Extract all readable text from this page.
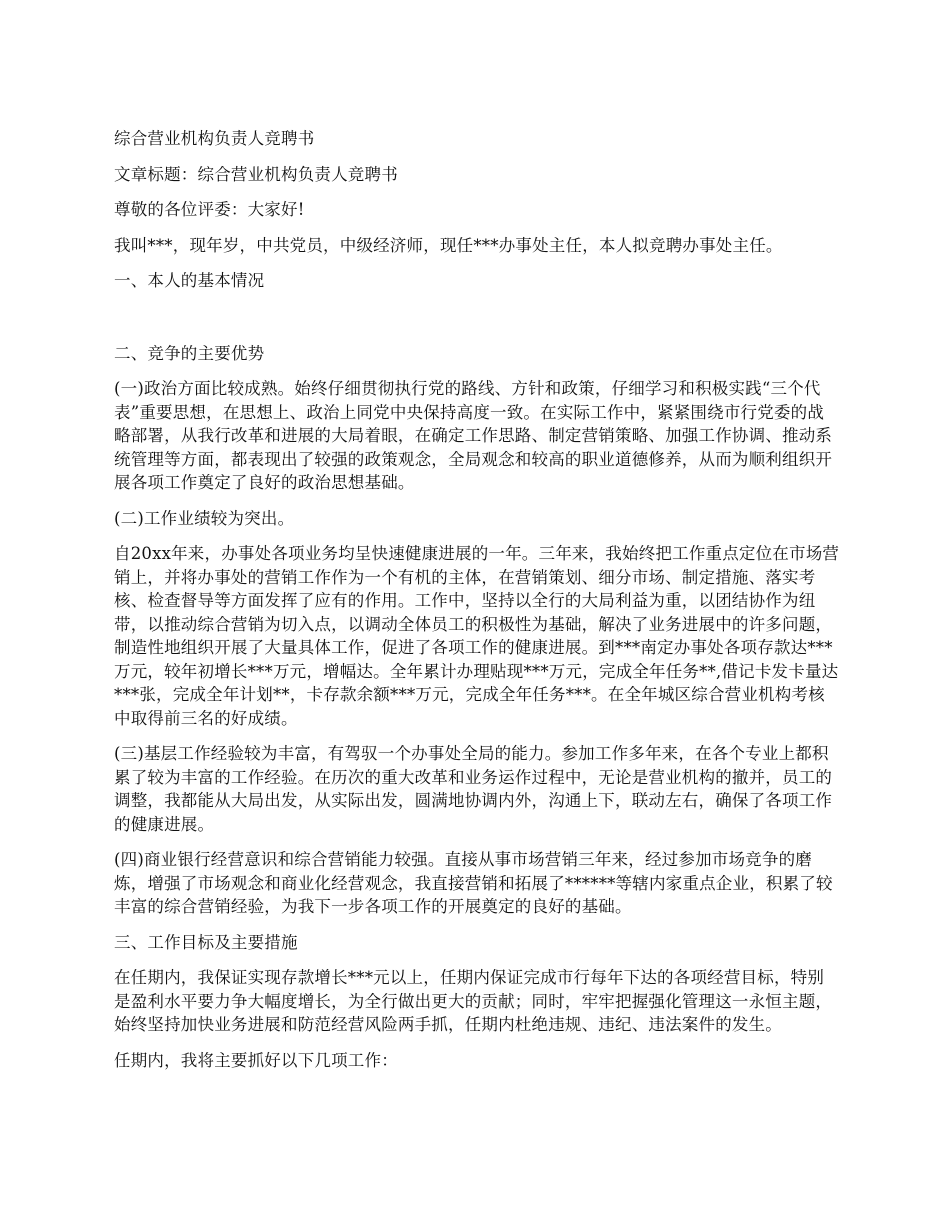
综合营业机构负责人竞聘书

文章标题：综合营业机构负责人竞聘书

尊敬的各位评委：大家好!

我叫***，现年岁，中共党员，中级经济师，现任***办事处主任，本人拟竞聘办事处主任。

一、本人的基本情况

二、竞争的主要优势

(一)政治方面比较成熟。始终仔细贯彻执行党的路线、方针和政策，仔细学习和积极实践“三个代表”重要思想，在思想上、政治上同党中央保持高度一致。在实际工作中，紧紧围绕市行党委的战略部署，从我行改革和进展的大局着眼，在确定工作思路、制定营销策略、加强工作协调、推动系统管理等方面，都表现出了较强的政策观念，全局观念和较高的职业道德修养，从而为顺利组织开展各项工作奠定了良好的政治思想基础。

(二)工作业绩较为突出。

自20xx年来，办事处各项业务均呈快速健康进展的一年。三年来，我始终把工作重点定位在市场营销上，并将办事处的营销工作作为一个有机的主体，在营销策划、细分市场、制定措施、落实考核、检查督导等方面发挥了应有的作用。工作中，坚持以全行的大局利益为重，以团结协作为纽带，以推动综合营销为切入点，以调动全体员工的积极性为基础，解决了业务进展中的许多问题，制造性地组织开展了大量具体工作，促进了各项工作的健康进展。到***南定办事处各项存款达***万元，较年初增长***万元，增幅达。全年累计办理贴现***万元，完成全年任务**,借记卡发卡量达***张，完成全年计划**，卡存款余额***万元，完成全年任务***。在全年城区综合营业机构考核中取得前三名的好成绩。

(三)基层工作经验较为丰富，有驾驭一个办事处全局的能力。参加工作多年来，在各个专业上都积累了较为丰富的工作经验。在历次的重大改革和业务运作过程中，无论是营业机构的撤并，员工的调整，我都能从大局出发，从实际出发，圆满地协调内外，沟通上下，联动左右，确保了各项工作的健康进展。

(四)商业银行经营意识和综合营销能力较强。直接从事市场营销三年来，经过参加市场竞争的磨炼，增强了市场观念和商业化经营观念，我直接营销和拓展了******等辖内家重点企业，积累了较丰富的综合营销经验，为我下一步各项工作的开展奠定的良好的基础。

三、工作目标及主要措施

在任期内，我保证实现存款增长***元以上，任期内保证完成市行每年下达的各项经营目标，特别是盈利水平要力争大幅度增长，为全行做出更大的贡献；同时，牢牢把握强化管理这一永恒主题，始终坚持加快业务进展和防范经营风险两手抓，任期内杜绝违规、违纪、违法案件的发生。

任期内，我将主要抓好以下几项工作：
